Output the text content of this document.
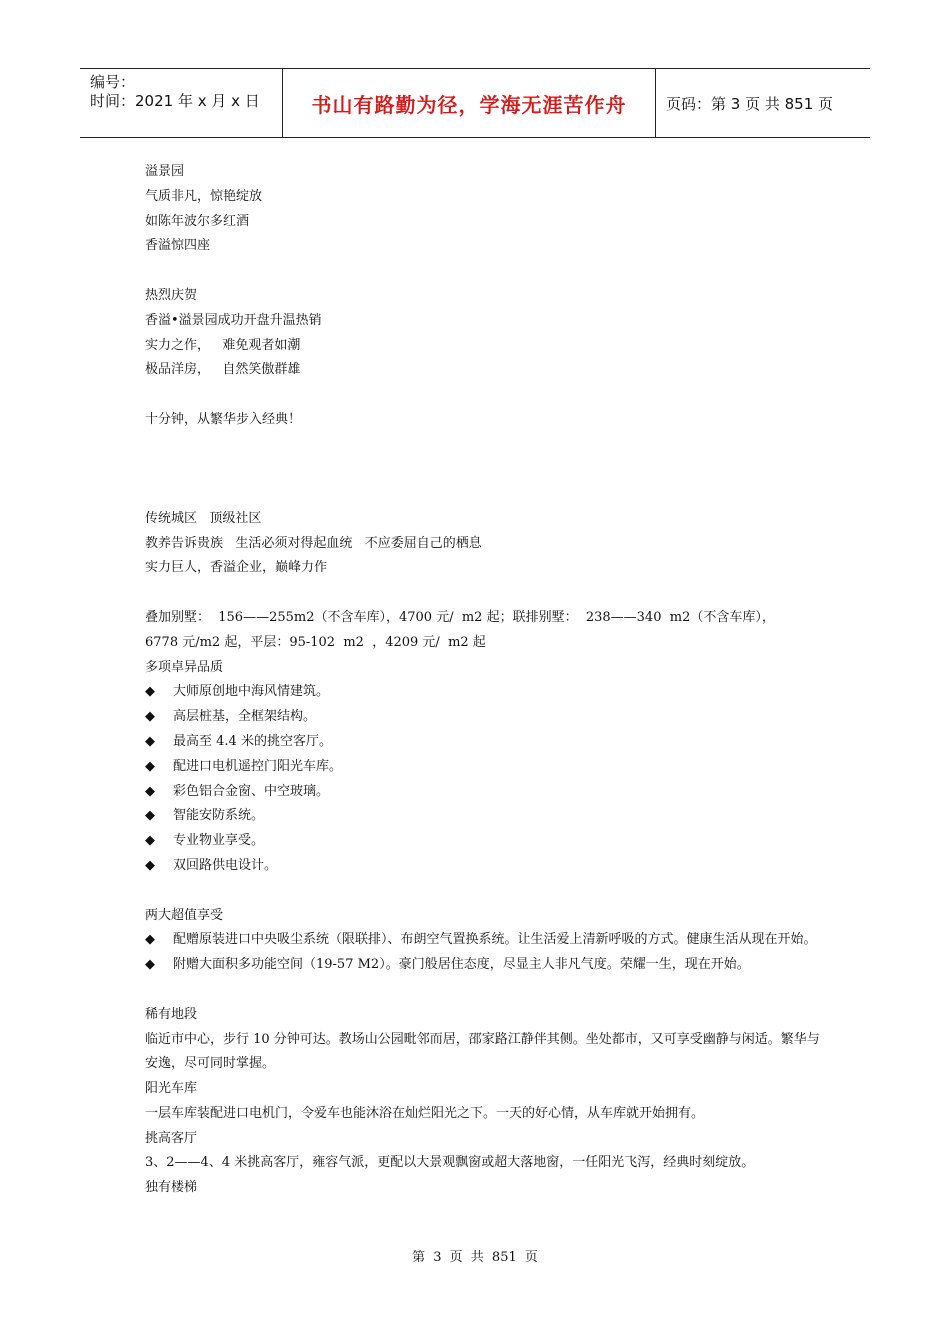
编号：
时间：2021 年 x 月 x 日	书山有路勤为径，学海无涯苦作舟	页码：第 3 页 共 851 页
溢景园
气质非凡，惊艳绽放
如陈年波尔多红酒
香溢惊四座
热烈庆贺
香溢•溢景园成功开盘升温热销
实力之作，   难免观者如潮
极品洋房，   自然笑傲群雄
十分钟，从繁华步入经典！
传统城区   顶级社区
教养告诉贵族   生活必须对得起血统   不应委屈自己的栖息
实力巨人，香溢企业，巅峰力作
叠加别墅：  156——255m2（不含车库），4700 元/  m2 起；联排别墅：  238——340  m2（不含车库），
6778 元/m2 起，平层：95-102  m2  ，4209 元/  m2 起
多项卓异品质
◆	大师原创地中海风情建筑。
◆	高层桩基，全框架结构。
◆	最高至 4.4 米的挑空客厅。
◆	配进口电机遥控门阳光车库。
◆	彩色铝合金窗、中空玻璃。
◆	智能安防系统。
◆	专业物业享受。
◆	双回路供电设计。
两大超值享受
◆ 配赠原装进口中央吸尘系统（限联排）、布朗空气置换系统。让生活爱上清新呼吸的方式。健康生活从现在开始。
◆ 附赠大面积多功能空间（19-57 M2）。豪门般居住态度，尽显主人非凡气度。荣耀一生，现在开始。
稀有地段
临近市中心，步行 10 分钟可达。教场山公园毗邻而居，邵家路江静伴其侧。坐处都市，又可享受幽静与闲适。繁华与安逸，尽可同时掌握。
阳光车库
一层车库装配进口电机门，令爱车也能沐浴在灿烂阳光之下。一天的好心情，从车库就开始拥有。
挑高客厅
3、2——4、4 米挑高客厅，雍容气派，更配以大景观飘窗或超大落地窗，一任阳光飞泻，经典时刻绽放。
独有楼梯
第 3 页 共 851 页
